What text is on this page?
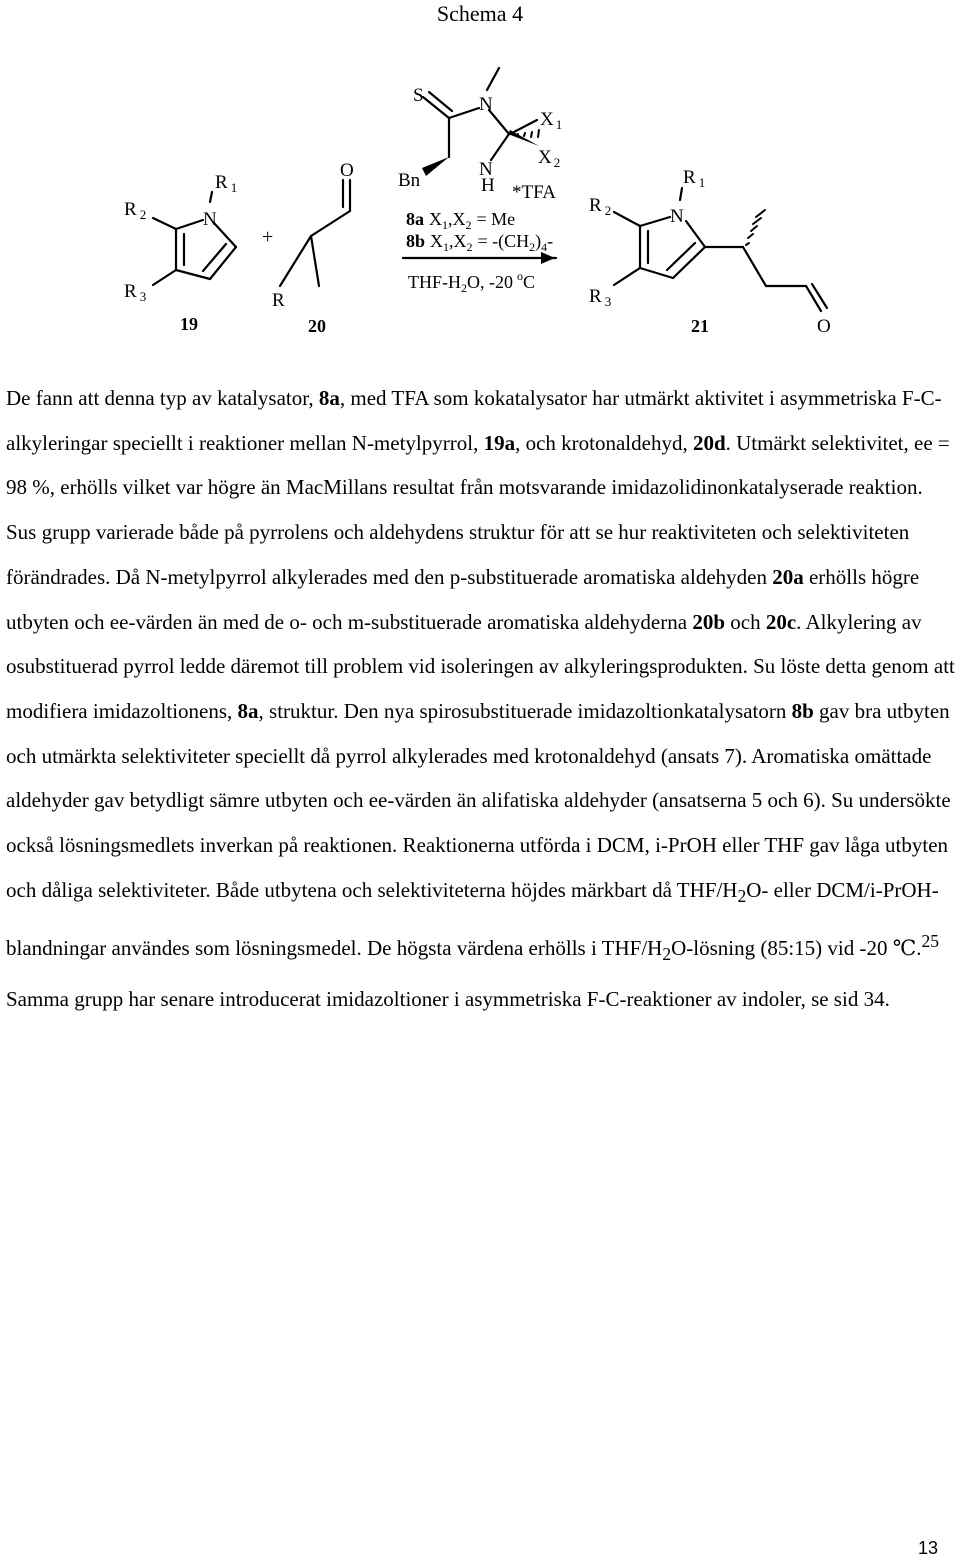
Schema 4
R $_2$
R $_1$
N
R $_3$
+
O
R
S	N
X $_1$
X $_2$
N
H
Bn
*TFA
8a $X_1,X_2 = Me$
8b $X_1,X_2 = -(CH_2)_4-$
THF-$H_2O$, -20 $^o$C
R $_2$
R $_1$
N
R $_3$
O
19	20	21

De fann att denna typ av katalysator, 8a, med TFA som kokatalysator har utmärkt aktivitet i asymmetriska F-C-alkyleringar speciellt i reaktioner mellan N-metylpyrrol, 19a, och krotonaldehyd, 20d. Utmärkt selektivitet, ee = 98 %, erhölls vilket var högre än MacMillans resultat från motsvarande imidazolidinonkatalyserade reaktion. Sus grupp varierade både på pyrrolens och aldehydens struktur för att se hur reaktiviteten och selektiviteten förändrades. Då N-metylpyrrol alkylerades med den p-substituerade aromatiska aldehyden 20a erhölls högre utbyten och ee-värden än med de o- och m-substituerade aromatiska aldehyderna 20b och 20c. Alkylering av osubstituerad pyrrol ledde däremot till problem vid isoleringen av alkyleringsprodukten. Su löste detta genom att modifiera imidazoltionens, 8a, struktur. Den nya spirosubstituerade imidazoltionkatalysatorn 8b gav bra utbyten och utmärkta selektiviteter speciellt då pyrrol alkylerades med krotonaldehyd (ansats 7). Aromatiska omättade aldehyder gav betydligt sämre utbyten och ee-värden än alifatiska aldehyder (ansatserna 5 och 6). Su undersökte också lösningsmedlets inverkan på reaktionen. Reaktionerna utförda i DCM, i-PrOH eller THF gav låga utbyten och dåliga selektiviteter. Både utbytena och selektiviteterna höjdes märkbart då THF/$H_2O-$ eller DCM/i-PrOH-blandningar användes som lösningsmedel. De högsta värdena erhölls i THF/$H_2O$-lösning (85:15) vid -20 ℃.$^{25}$ Samma grupp har senare introducerat imidazoltioner i asymmetriska F-C-reaktioner av indoler, se sid 34.

13
